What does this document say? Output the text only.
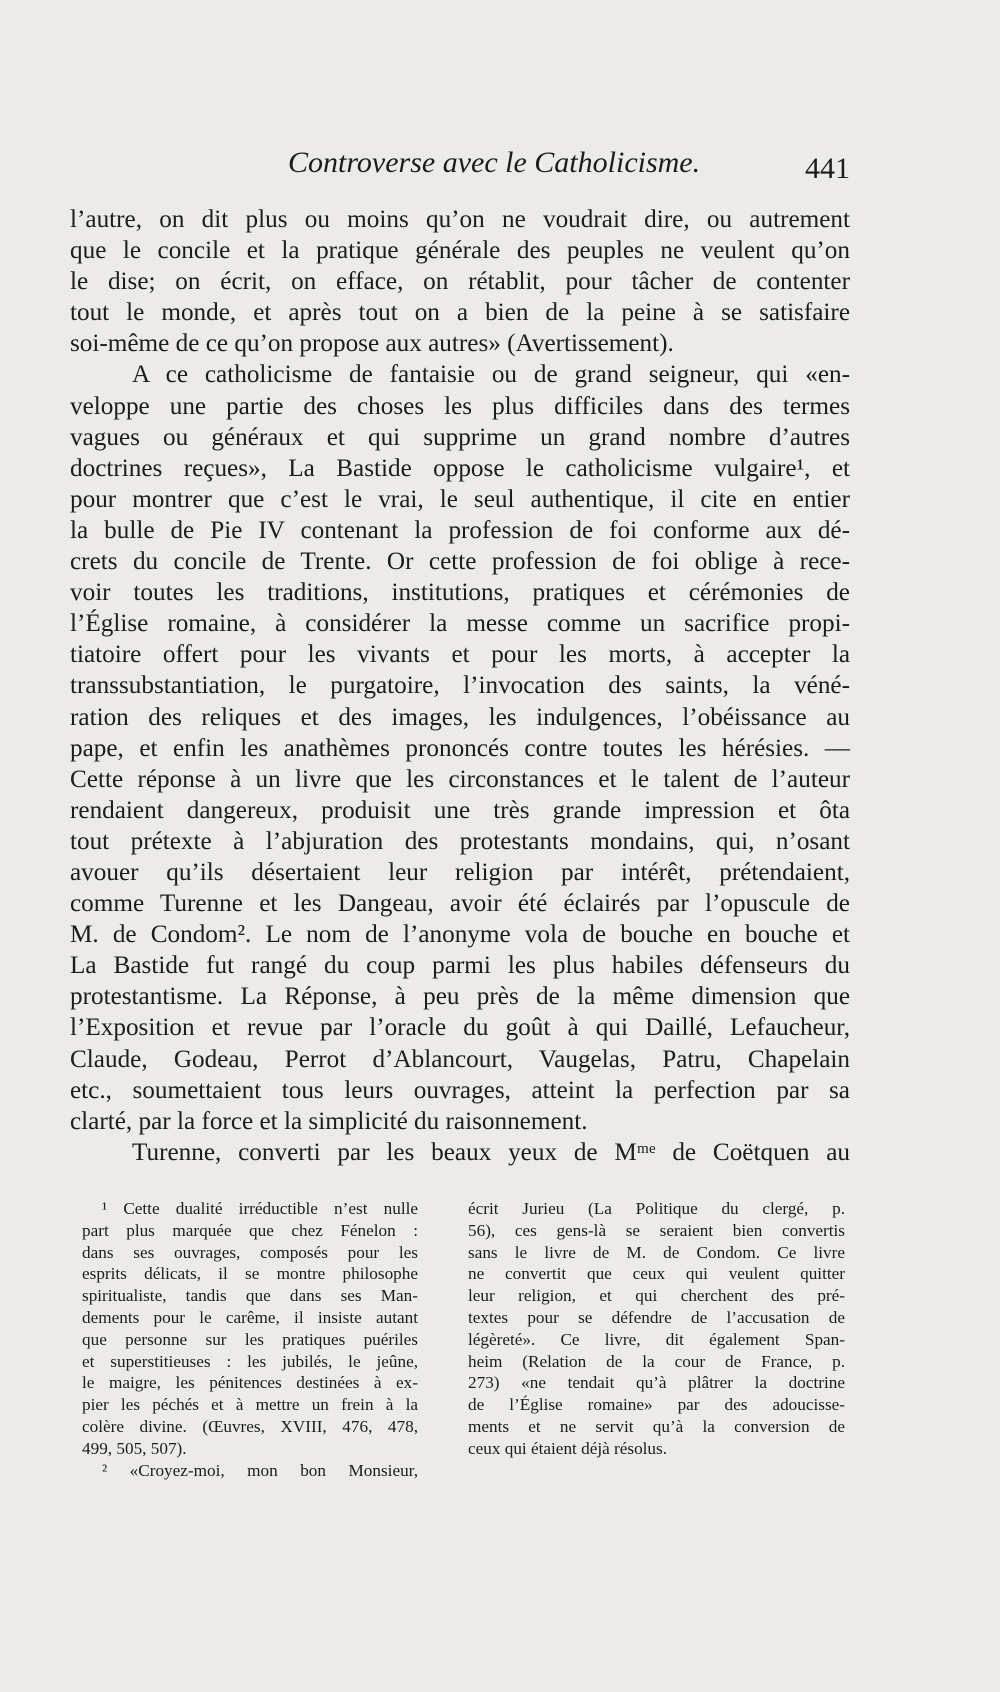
Controverse avec le Catholicisme.	441
l’autre, on dit plus ou moins qu’on ne voudrait dire, ou autrement
que le concile et la pratique générale des peuples ne veulent qu’on
le dise; on écrit, on efface, on rétablit, pour tâcher de contenter
tout le monde, et après tout on a bien de la peine à se satisfaire
soi-même de ce qu’on propose aux autres» (Avertissement).
A ce catholicisme de fantaisie ou de grand seigneur, qui «en-
veloppe une partie des choses les plus difficiles dans des termes
vagues ou généraux et qui supprime un grand nombre d’autres
doctrines reçues», La Bastide oppose le catholicisme vulgaire¹, et
pour montrer que c’est le vrai, le seul authentique, il cite en entier
la bulle de Pie IV contenant la profession de foi conforme aux dé-
crets du concile de Trente. Or cette profession de foi oblige à rece-
voir toutes les traditions, institutions, pratiques et cérémonies de
l’Église romaine, à considérer la messe comme un sacrifice propi-
tiatoire offert pour les vivants et pour les morts, à accepter la
transsubstantiation, le purgatoire, l’invocation des saints, la véné-
ration des reliques et des images, les indulgences, l’obéissance au
pape, et enfin les anathèmes prononcés contre toutes les hérésies. —
Cette réponse à un livre que les circonstances et le talent de l’auteur
rendaient dangereux, produisit une très grande impression et ôta
tout prétexte à l’abjuration des protestants mondains, qui, n’osant
avouer qu’ils désertaient leur religion par intérêt, prétendaient,
comme Turenne et les Dangeau, avoir été éclairés par l’opuscule de
M. de Condom². Le nom de l’anonyme vola de bouche en bouche et
La Bastide fut rangé du coup parmi les plus habiles défenseurs du
protestantisme. La Réponse, à peu près de la même dimension que
l’Exposition et revue par l’oracle du goût à qui Daillé, Lefaucheur,
Claude, Godeau, Perrot d’Ablancourt, Vaugelas, Patru, Chapelain
etc., soumettaient tous leurs ouvrages, atteint la perfection par sa
clarté, par la force et la simplicité du raisonnement.
Turenne, converti par les beaux yeux de Mᵐᵉ de Coëtquen au
¹ Cette dualité irréductible n’est nulle
part plus marquée que chez Fénelon :
dans ses ouvrages, composés pour les
esprits délicats, il se montre philosophe
spiritualiste, tandis que dans ses Man-
dements pour le carême, il insiste autant
que personne sur les pratiques puériles
et superstitieuses : les jubilés, le jeûne,
le maigre, les pénitences destinées à ex-
pier les péchés et à mettre un frein à la
colère divine. (Œuvres, XVIII, 476, 478,
499, 505, 507).
² «Croyez-moi, mon bon Monsieur,
écrit Jurieu (La Politique du clergé, p.
56), ces gens-là se seraient bien convertis
sans le livre de M. de Condom. Ce livre
ne convertit que ceux qui veulent quitter
leur religion, et qui cherchent des pré-
textes pour se défendre de l’accusation de
légèreté». Ce livre, dit également Span-
heim (Relation de la cour de France, p.
273) «ne tendait qu’à plâtrer la doctrine
de l’Église romaine» par des adoucisse-
ments et ne servit qu’à la conversion de
ceux qui étaient déjà résolus.
